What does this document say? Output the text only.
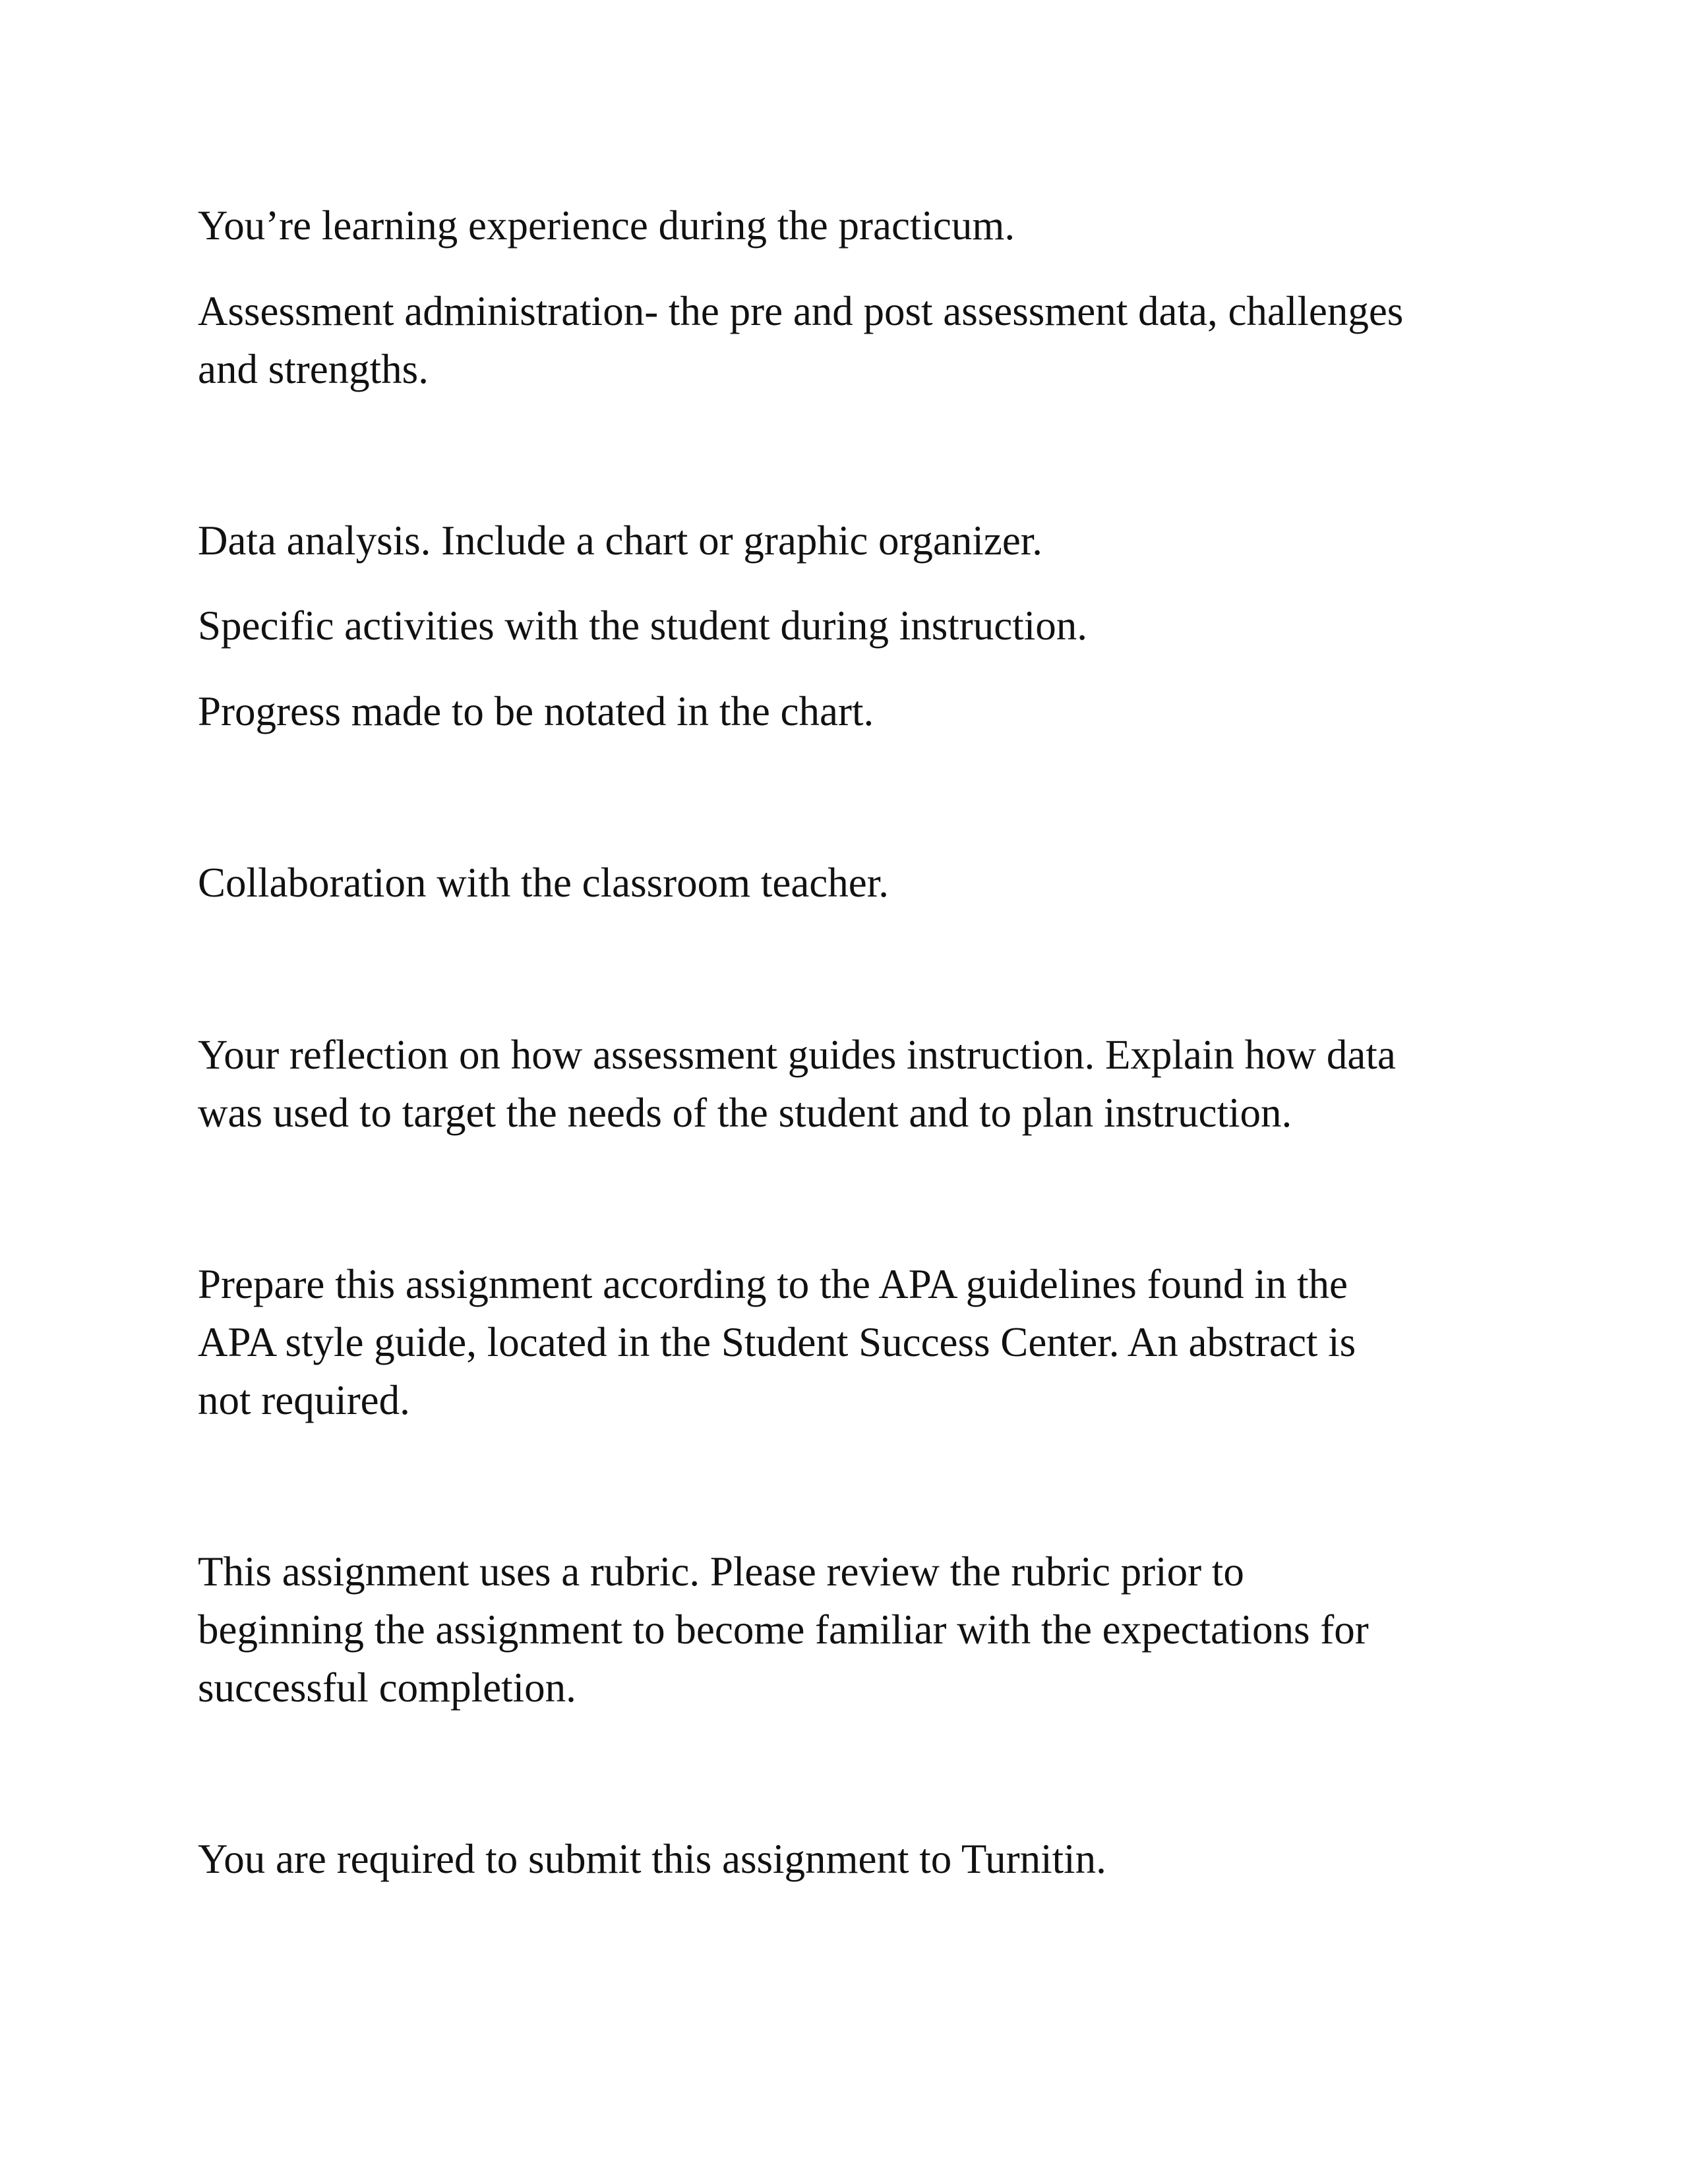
You’re learning experience during the practicum.

Assessment administration- the pre and post assessment data, challenges
and strengths.

Data analysis. Include a chart or graphic organizer.

Specific activities with the student during instruction.

Progress made to be notated in the chart.

Collaboration with the classroom teacher.

Your reflection on how assessment guides instruction. Explain how data
was used to target the needs of the student and to plan instruction.

Prepare this assignment according to the APA guidelines found in the
APA style guide, located in the Student Success Center. An abstract is
not required.

This assignment uses a rubric. Please review the rubric prior to
beginning the assignment to become familiar with the expectations for
successful completion.

You are required to submit this assignment to Turnitin.
